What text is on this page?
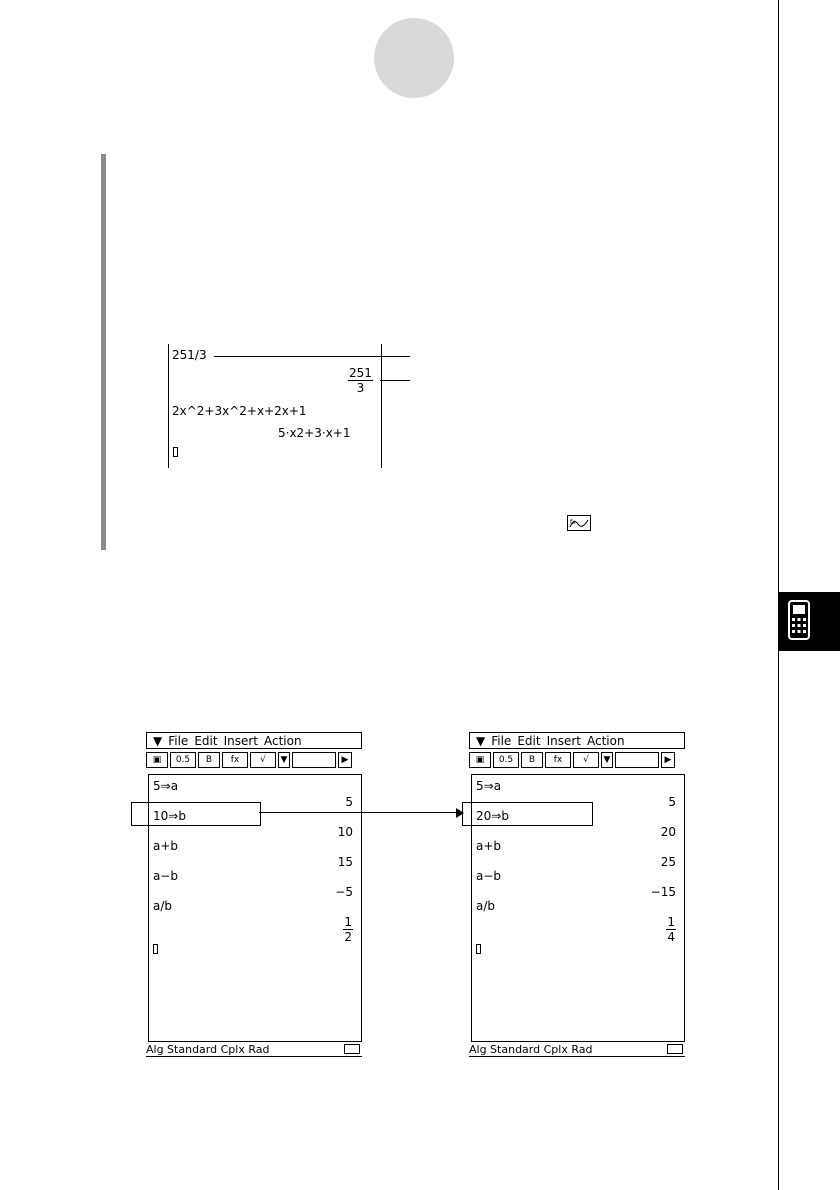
251/3
$\frac{251}{3}$
2x^2+3x^2+x+2x+1
5·x2+3·x+1
fx
▼ File Edit Insert Action
▣	0.5	B	fx	√	▼	▶
5⇒a
5
10⇒b
10
a+b
15
a−b
−5
a/b
$\frac{1}{2}$
Alg Standard Cplx Rad
▼ File Edit Insert Action
▣	0.5	B	fx	√	▼	▶
5⇒a
5
20⇒b
20
a+b
25
a−b
−15
a/b
$\frac{1}{4}$
Alg Standard Cplx Rad
